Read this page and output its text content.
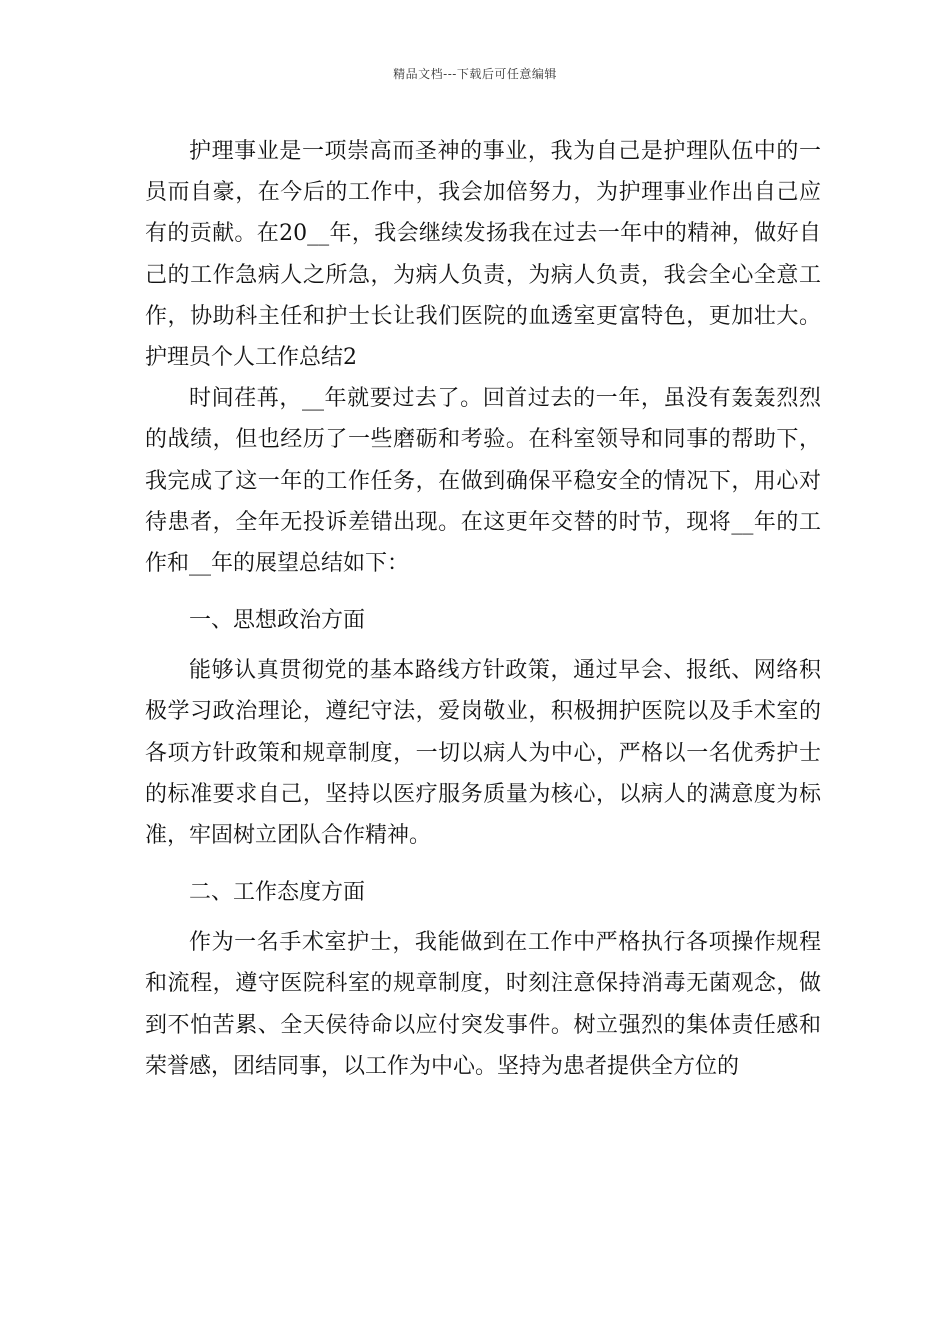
精品文档---下载后可任意编辑

护理事业是一项崇高而圣神的事业，我为自己是护理队伍中的一员而自豪，在今后的工作中，我会加倍努力，为护理事业作出自己应有的贡献。在20__年，我会继续发扬我在过去一年中的精神，做好自己的工作急病人之所急，为病人负责，为病人负责，我会全心全意工作，协助科主任和护士长让我们医院的血透室更富特色，更加壮大。护理员个人工作总结2

时间荏苒，__年就要过去了。回首过去的一年，虽没有轰轰烈烈的战绩，但也经历了一些磨砺和考验。在科室领导和同事的帮助下，我完成了这一年的工作任务，在做到确保平稳安全的情况下，用心对待患者，全年无投诉差错出现。在这更年交替的时节，现将__年的工作和__年的展望总结如下：

一、思想政治方面

能够认真贯彻党的基本路线方针政策，通过早会、报纸、网络积极学习政治理论，遵纪守法，爱岗敬业，积极拥护医院以及手术室的各项方针政策和规章制度，一切以病人为中心，严格以一名优秀护士的标准要求自己，坚持以医疗服务质量为核心，以病人的满意度为标准，牢固树立团队合作精神。

二、工作态度方面

作为一名手术室护士，我能做到在工作中严格执行各项操作规程和流程，遵守医院科室的规章制度，时刻注意保持消毒无菌观念，做到不怕苦累、全天侯待命以应付突发事件。树立强烈的集体责任感和荣誉感，团结同事，以工作为中心。坚持为患者提供全方位的
